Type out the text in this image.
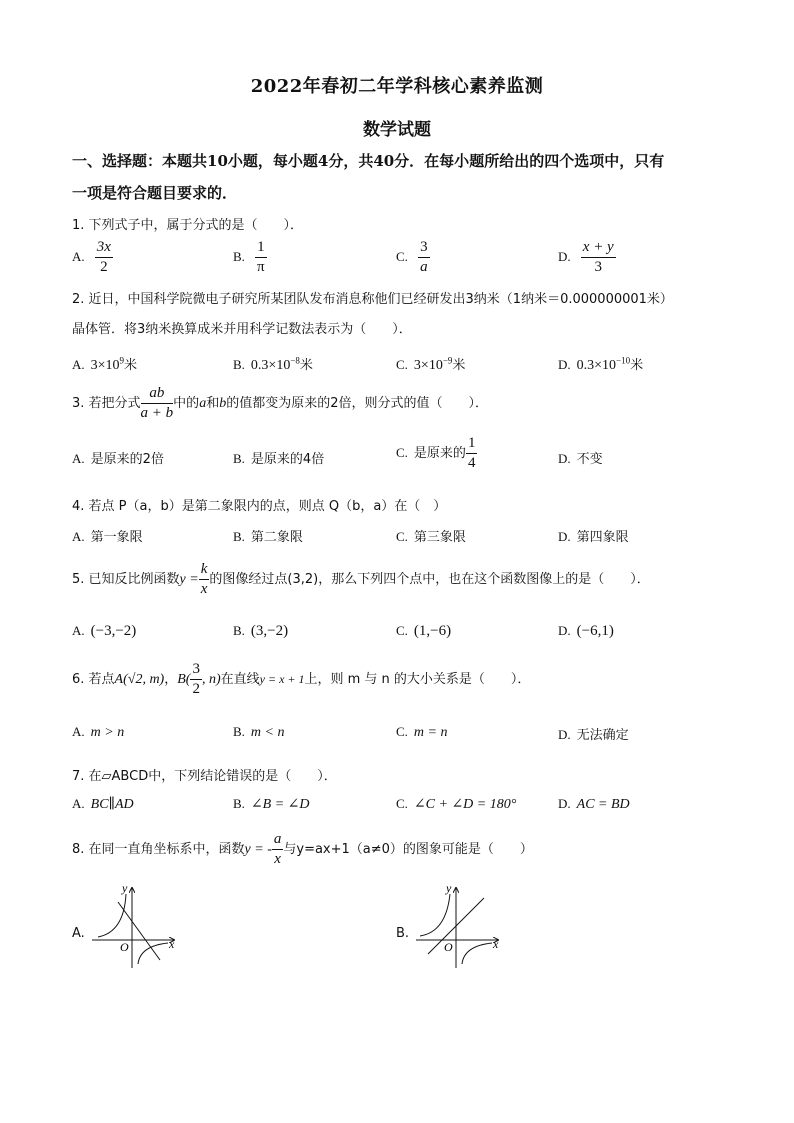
2022年春初二年学科核心素养监测
数学试题
一、选择题：本题共10小题，每小题4分，共40分．在每小题所给出的四个选项中，只有
一项是符合题目要求的．
1. 下列式子中，属于分式的是（　　）．
A. $\frac{3x}{2}$	B. $\frac{1}{\pi}$	C. $\frac{3}{a}$	D. $\frac{x + y}{3}$
2. 近日，中国科学院微电子研究所某团队发布消息称他们已经研发出3纳米（1纳米＝0.000000001米）
晶体管．将3纳米换算成米并用科学记数法表示为（　　）．
A. $3\times 10^9$米	B. $0.3\times 10^{-8}$米	C. $3\times 10^{-9}$米	D. $0.3\times 10^{-10}$米
3. 若把分式 $\frac{ab}{a + b}$ 中的a和b的值都变为原来的2倍，则分式的值（　　）．
A. 是原来的2倍	B. 是原来的4倍	C. 是原来的 $\frac{1}{4}$	D. 不变
4. 若点 P（a，b）是第二象限内的点，则点 Q（b，a）在（　）
A. 第一象限	B. 第二象限	C. 第三象限	D. 第四象限
5. 已知反比例函数$y = \frac{k}{x}$ 的图像经过点(3,2)，那么下列四个点中，也在这个函数图像上的是（　　）．
A. (−3,−2)	B. (3,−2)	C. (1,−6)	D. (−6,1)
6. 若点A(√2, m)，$B( \frac{3}{2}$ , n)在直线y = x + 1上，则 m 与 n 的大小关系是（　　）．
A. m > n	B. m < n	C. m = n	D. 无法确定
7. 在▱ABCD中，下列结论错误的是（　　）．
A. BC∥AD	B. ∠B = ∠D	C. ∠C + ∠D = 180°	D. AC = BD
8. 在同一直角坐标系中，函数y = - $\frac{a}{x}$ 与y=ax+1（a≠0）的图象可能是（　　）
A.
y
x
O
B.
y
x
O
